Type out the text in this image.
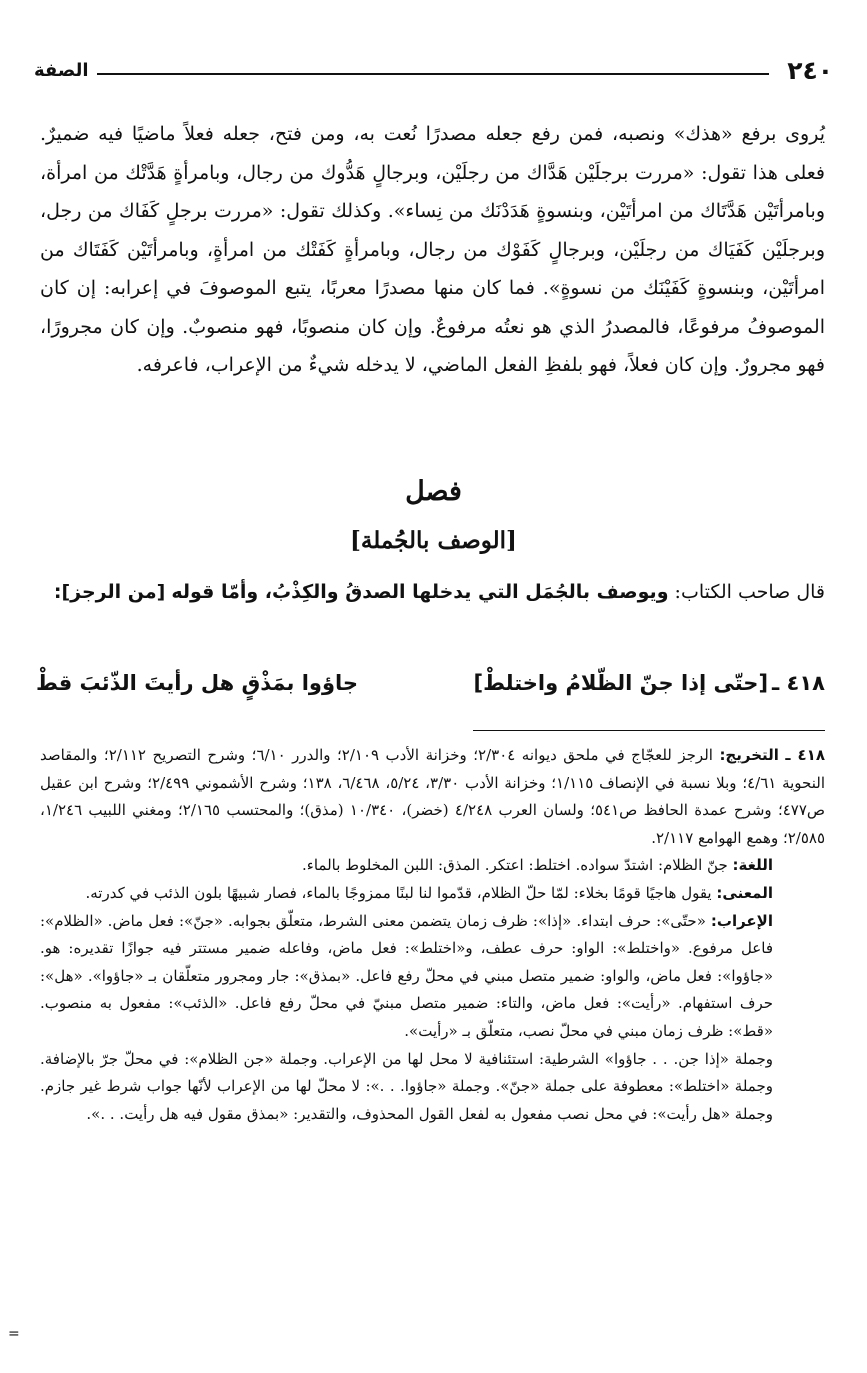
٢٤٠
الصفة
يُروى برفع «هذك» ونصبه، فمن رفع جعله مصدرًا نُعت به، ومن فتح، جعله فعلاً ماضيًا فيه ضميرٌ. فعلى هذا تقول: «مررت برجلَيْن هَدَّاك من رجلَيْن، وبرجالٍ هَدُّوك من رجال، وبامرأةٍ هَدَّتْك من امرأة، وبامرأتَيْن هَدَّتَاك من امرأتَيْن، وبنسوةٍ هَدَدْنَك من نِساء». وكذلك تقول: «مررت برجلٍ كَفَاك من رجل، وبرجلَيْن كَفَيَاك من رجلَيْن، وبرجالٍ كَفَوْك من رجال، وبامرأةٍ كَفَتْك من امرأةٍ، وبامرأتَيْن كَفَتَاك من امرأتَيْن، وبنسوةٍ كَفَيْنَك من نسوةٍ». فما كان منها مصدرًا معربًا، يتبع الموصوفَ في إعرابه: إن كان الموصوفُ مرفوعًا، فالمصدرُ الذي هو نعتُه مرفوعٌ. وإن كان منصوبًا، فهو منصوبٌ. وإن كان مجرورًا، فهو مجرورٌ. وإن كان فعلاً، فهو بلفظِ الفعل الماضي، لا يدخله شيءٌ من الإعراب، فاعرفه.
فصل
[الوصف بالجُملة]
قال صاحب الكتاب: ويوصف بالجُمَل التي يدخلها الصدقُ والكِذْبُ، وأمّا قوله [من الرجز]:
٤١٨ ـ
[حتّى إذا جنّ الظّلامُ واختلطْ]
جاؤوا بمَذْقٍ هل رأيتَ الذّئبَ قطْ

٤١٨ ـ التخريج: الرجز للعجّاج في ملحق ديوانه ٢/٣٠٤؛ وخزانة الأدب ٢/١٠٩؛ والدرر ٦/١٠؛ وشرح التصريح ٢/١١٢؛ والمقاصد النحوية ٤/٦١؛ وبلا نسبة في الإنصاف ١/١١٥؛ وخزانة الأدب ٣/٣٠، ٥/٢٤، ٦/٤٦٨، ١٣٨؛ وشرح الأشموني ٢/٤٩٩؛ وشرح ابن عقيل ص٤٧٧؛ وشرح عمدة الحافظ ص٥٤١؛ ولسان العرب ٤/٢٤٨ (خضر)، ١٠/٣٤٠ (مذق)؛ والمحتسب ٢/١٦٥؛ ومغني اللبيب ١/٢٤٦، ٢/٥٨٥؛ وهمع الهوامع ٢/١١٧.

اللغة: جنّ الظلام: اشتدّ سواده. اختلط: اعتكر. المذق: اللبن المخلوط بالماء.

المعنى: يقول هاجيًا قومًا بخلاء: لمّا حلّ الظلام، قدّموا لنا لبنًا ممزوجًا بالماء، فصار شبيهًا بلون الذئب في كدرته.

الإعراب: «حتّى»: حرف ابتداء. «إذا»: ظرف زمان يتضمن معنى الشرط، متعلّق بجوابه. «جنّ»: فعل ماض. «الظلام»: فاعل مرفوع. «واختلط»: الواو: حرف عطف، و«اختلط»: فعل ماض، وفاعله ضمير مستتر فيه جوازًا تقديره: هو. «جاؤوا»: فعل ماض، والواو: ضمير متصل مبني في محلّ رفع فاعل. «بمذق»: جار ومجرور متعلّقان بـ «جاؤوا». «هل»: حرف استفهام. «رأيت»: فعل ماض، والتاء: ضمير متصل مبنيّ في محلّ رفع فاعل. «الذئب»: مفعول به منصوب. «قط»: ظرف زمان مبني في محلّ نصب، متعلّق بـ «رأيت».

وجملة «إذا جن. . . جاؤوا» الشرطية: استئنافية لا محل لها من الإعراب. وجملة «جن الظلام»: في محلّ جرّ بالإضافة. وجملة «اختلط»: معطوفة على جملة «جنّ». وجملة «جاؤوا. . .»: لا محلّ لها من الإعراب لأنّها جواب شرط غير جازم. وجملة «هل رأيت»: في محل نصب مفعول به لفعل القول المحذوف، والتقدير: «بمذق مقول فيه هل رأيت. . .».

=
